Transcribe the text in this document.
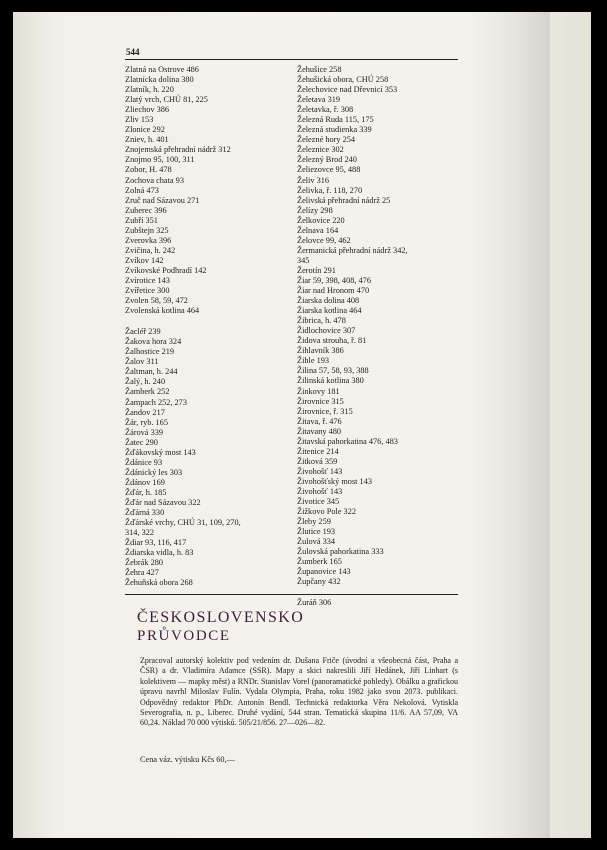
544
Zlatná na Ostrove 486
Zlatnícka dolina 380
Zlatník, h. 220
Zlatý vrch, CHÚ 81, 225
Zliechov 386
Zliv 153
Zlonice 292
Zniev, h. 401
Znojemská přehradní nádrž 312
Znojmo 95, 100, 311
Zobor, H. 478
Zochova chata 93
Zolná 473
Zruč nad Sázavou 271
Zuberec 396
Zubří 351
Zubštejn 325
Zverovka 396
Zvičina, h. 242
Zvíkov 142
Zvíkovské Podhradí 142
Zvírotice 143
Zvířetice 300
Zvolen 58, 59, 472
Zvolenská kotlina 464
Žacléř 239
Žakova hora 324
Žalhostice 219
Žalov 311
Žaltman, h. 244
Žalý, h. 240
Žamberk 252
Žampach 252, 273
Žandov 217
Žár, ryb. 165
Žárová 339
Žatec 290
Žďákovský most 143
Ždánice 93
Ždánický les 303
Ždánov 169
Žďár, h. 185
Žďár nad Sázavou 322
Žďárná 330
Žďárské vrchy, CHÚ 31, 109, 270,
314, 322
Ždiar 93, 116, 417
Ždiarska vidla, h. 83
Žebrák 280
Žehra 427
Žehuňská obora 268
Žehušice 258
Žehušická obora, CHÚ 258
Želechovice nad Dřevnicí 353
Želetava 319
Želetavka, ř. 308
Železná Ruda 115, 175
Železná studienka 339
Železné hory 254
Železnice 302
Železný Brod 240
Želiezovce 95, 488
Želiv 316
Želivka, ř. 118, 270
Želivská přehradní nádrž 25
Želízy 298
Želkovice 220
Želnava 164
Želovce 99, 462
Žermanická přehradní nádrž 342,
345
Žerotín 291
Žiar 59, 398, 408, 476
Žiar nad Hronom 470
Žiarska dolina 408
Žiarska kotlina 464
Žibrica, h. 478
Židlochovice 307
Židova strouha, ř. 81
Žihlavník 386
Žihle 193
Žilina 57, 58, 93, 388
Žilinská kotlina 380
Žinkovy 181
Žirovnice 315
Žirovnice, ř. 315
Žitava, ř. 476
Žitavany 480
Žitavská pahorkatina 476, 483
Žitenice 214
Žitková 359
Živohošť 143
Živohošťský most 143
Živohošť 143
Životice 345
Žižkovo Pole 322
Žleby 259
Žlutice 193
Žulová 334
Žulovská pahorkatina 333
Žumberk 165
Županovice 143
Župčany 432
Žuráň 306
ČESKOSLOVENSKO
PRŮVODCE
Zpracoval autorský kolektiv pod vedením dr. Dušana Friče (úvodní a všeobecná část, Praha a ČSR) a dr. Vladimíra Adamce (SSR). Mapy a skici nakreslili Jiří Hedánek, Jiří Linhart (s kolektivem — mapky měst) a RNDr. Stanislav Vorel (panoramatické pohledy). Obálku a grafickou úpravu navrhl Miloslav Fulín. Vydala Olympia, Praha, roku 1982 jako svou 2073. publikaci. Odpovědný redaktor PhDr. Antonín Bendl. Technická redaktorka Věra Nekolová. Vytiskla Severografia, n. p., Liberec. Druhé vydání, 544 stran. Tematická skupina 11/6. AA 57,09, VA 60,24. Náklad 70 000 výtisků. 505/21/856. 27—026—82.
Cena váz. výtisku Kčs 60,—
